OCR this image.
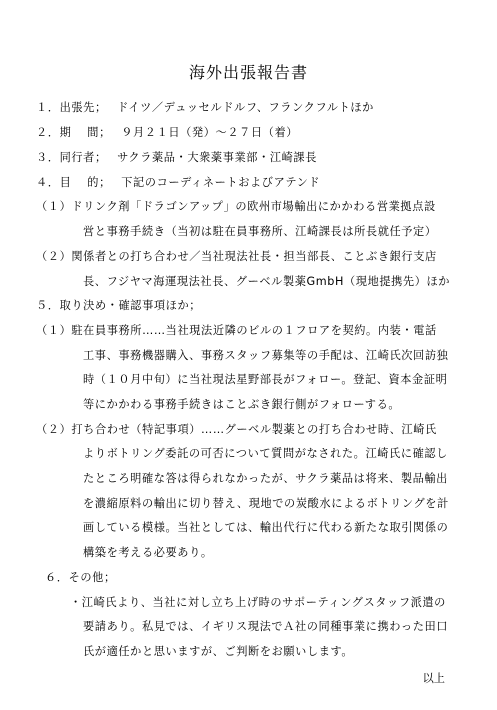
海外出張報告書
１．出張先；　 ドイツ／デュッセルドルフ、フランクフルトほか
２．期　 間；　 ９月２１日（発）～２７日（着）
３．同行者；　 サクラ薬品・大衆薬事業部・江崎課長
４．目　 的；　 下記のコーディネートおよびアテンド
（１）ドリンク剤「ドラゴンアップ」の欧州市場輸出にかかわる営業拠点設
営と事務手続き（当初は駐在員事務所、江崎課長は所長就任予定）
（２）関係者との打ち合わせ／当社現法社長・担当部長、ことぶき銀行支店
長、フジヤマ海運現法社長、グーベル製薬GmbH（現地提携先）ほか
５．取り決め・確認事項ほか；
（１）駐在員事務所……当社現法近隣のビルの１フロアを契約。内装・電話
工事、事務機器購入、事務スタッフ募集等の手配は、江崎氏次回訪独
時（１０月中旬）に当社現法星野部長がフォロー。登記、資本金証明
等にかかわる事務手続きはことぶき銀行側がフォローする。
（２）打ち合わせ（特記事項）……グーベル製薬との打ち合わせ時、江崎氏
よりボトリング委託の可否について質問がなされた。江崎氏に確認し
たところ明確な答は得られなかったが、サクラ薬品は将来、製品輸出
を濃縮原料の輸出に切り替え、現地での炭酸水によるボトリングを計
画している模様。当社としては、輸出代行に代わる新たな取引関係の
構築を考える必要あり。
６．その他；
・江崎氏より、当社に対し立ち上げ時のサポーティングスタッフ派遣の
要請あり。私見では、イギリス現法でＡ社の同種事業に携わった田口
氏が適任かと思いますが、ご判断をお願いします。
以上
